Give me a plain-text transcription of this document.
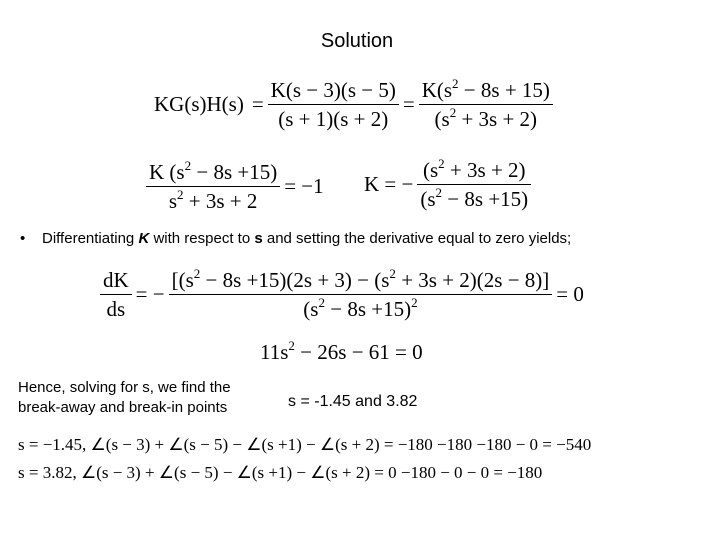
Solution
$KG(s)H(s) = \frac{K(s - 3)(s - 5)}{(s + 1)(s + 2)} = \frac{K(s^2 - 8s + 15)}{(s^2 + 3s + 2)}$
$\frac{K (s^2 - 8s +15)}{s^2 + 3s + 2} = -1$ K = − $\frac{(s^2 + 3s + 2)}{(s^2 - 8s +15)}$
• Differentiating K with respect to s and setting the derivative equal to zero yields;
$\frac{dK}{ds}$ = − $\frac{[(s^2 - 8s +15)(2s + 3) - (s^2 + 3s + 2)(2s - 8)]}{(s^2 - 8s +15)^2} = 0$
$11s^2 - 26s - 61 = 0$
Hence, solving for s, we find the
break-away and break-in points	s = -1.45 and 3.82
s = −1.45, ∠(s − 3) + ∠(s − 5) − ∠(s +1) − ∠(s + 2) = −180 −180 −180 − 0 = −540
s = 3.82, ∠(s − 3) + ∠(s − 5) − ∠(s +1) − ∠(s + 2) = 0 −180 − 0 − 0 = −180
